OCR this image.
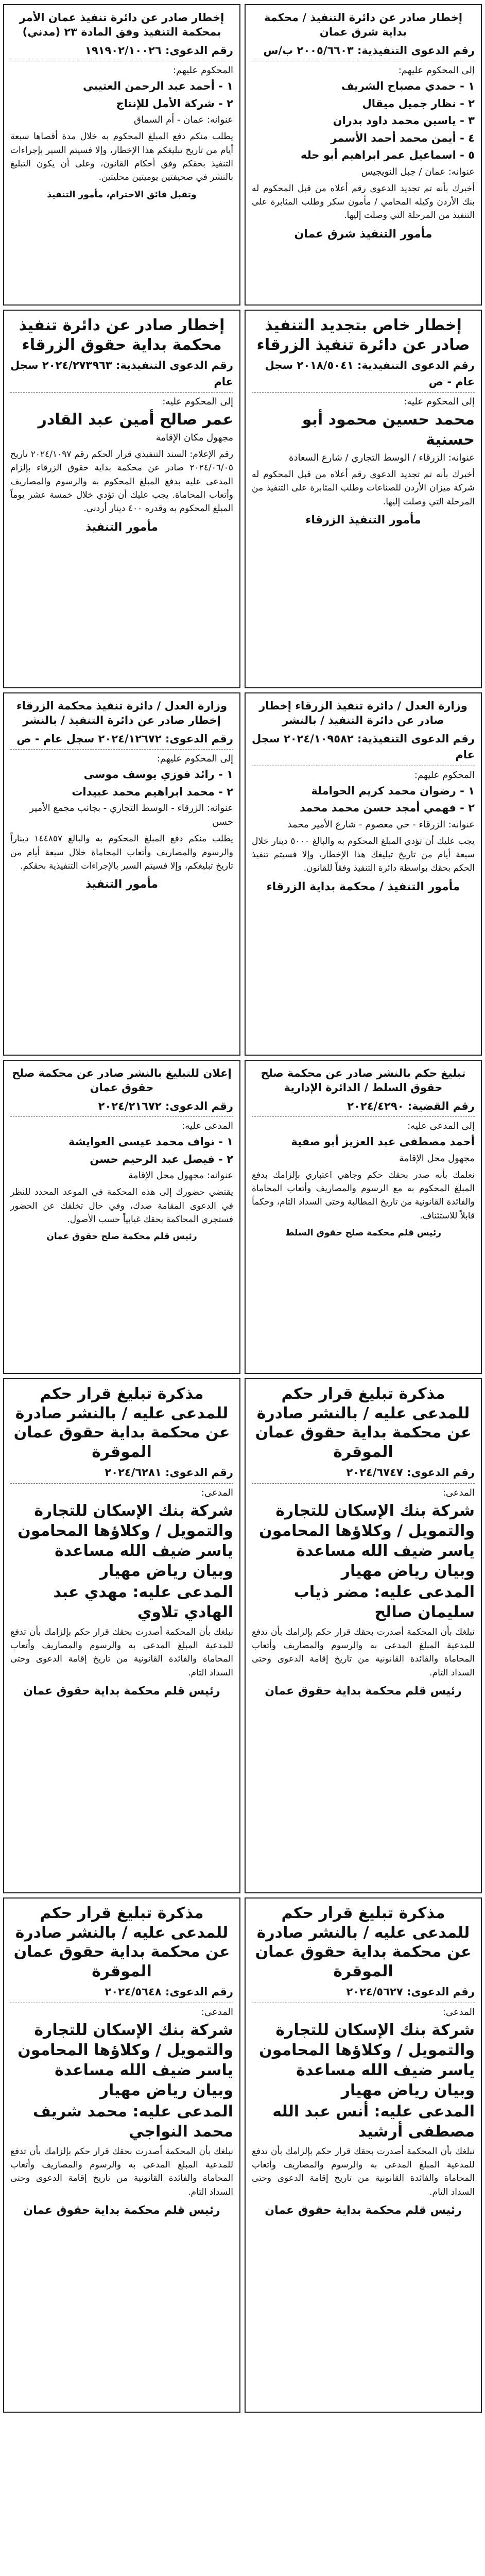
إخطار صادر عن دائرة التنفيذ / محكمة بداية شرق عمان
رقم الدعوى التنفيذية: ٢٠٠٥/٦٦٠٣ ب/س
إلى المحكوم عليهم:
١ - حمدي مصباح الشريف
٢ - نظار جميل ميقال
٣ - ياسين محمد داود بدران
٤ - أيمن محمد أحمد الأسمر
٥ - اسماعيل عمر ابراهيم أبو حله
عنوانه: عمان / جبل النويجيس
أخبرك بأنه تم تجديد الدعوى رقم أعلاه من قبل المحكوم له بنك الأردن وكيله المحامي / مأمون سكر وطلب المثابرة على التنفيذ من المرحلة التي وصلت إليها.
مأمور التنفيذ شرق عمان
إخطار صادر عن دائرة تنفيذ عمان الأمر بمحكمة التنفيذ وفق المادة ٢٣ (مدني)
رقم الدعوى: ١٩١٩٠٢/١٠٠٢٦
المحكوم عليهم:
١ - أحمد عبد الرحمن العتيبي
٢ - شركة الأمل للإنتاج
عنوانه: عمان - أم السماق
يطلب منكم دفع المبلغ المحكوم به خلال مدة أقصاها سبعة أيام من تاريخ تبليغكم هذا الإخطار، وإلا فسيتم السير بإجراءات التنفيذ بحقكم وفق أحكام القانون، وعلى أن يكون التبليغ بالنشر في صحيفتين يوميتين محليتين.
وتقبل فائق الاحترام، مأمور التنفيذ
إخطار خاص بتجديد التنفيذ صادر عن دائرة تنفيذ الزرقاء
رقم الدعوى التنفيذية: ٢٠١٨/٥٠٤١ سجل عام - ص
إلى المحكوم عليه:
محمد حسين محمود أبو حسنية
عنوانه: الزرقاء / الوسط التجاري / شارع السعادة
أخبرك بأنه تم تجديد الدعوى رقم أعلاه من قبل المحكوم له شركة ميزان الأردن للصناعات وطلب المثابرة على التنفيذ من المرحلة التي وصلت إليها.
مأمور التنفيذ الزرقاء
إخطار صادر عن دائرة تنفيذ محكمة بداية حقوق الزرقاء
رقم الدعوى التنفيذية: ٢٠٢٤/٢٧٣٩٦٣ سجل عام
إلى المحكوم عليه:
عمر صالح أمين عبد القادر
مجهول مكان الإقامة
رقم الإعلام: السند التنفيذي قرار الحكم رقم ٢٠٢٤/١٠٩٧ تاريخ ٢٠٢٤/٠٦/٠٥ صادر عن محكمة بداية حقوق الزرقاء بإلزام المدعى عليه بدفع المبلغ المحكوم به والرسوم والمصاريف وأتعاب المحاماة. يجب عليك أن تؤدي خلال خمسة عشر يوماً المبلغ المحكوم به وقدره ٤٠٠ دينار أردني.
مأمور التنفيذ
وزارة العدل / دائرة تنفيذ الزرقاء إخطار صادر عن دائرة التنفيذ / بالنشر
رقم الدعوى التنفيذية: ٢٠٢٤/١٠٩٥٨٢ سجل عام
المحكوم عليهم:
١ - رضوان محمد كريم الحواملة
٢ - فهمي أمجد حسن محمد محمد
عنوانه: الزرقاء - حي معصوم - شارع الأمير محمد
يجب عليك أن تؤدي المبلغ المحكوم به والبالغ ٥٠٠٠ دينار خلال سبعة أيام من تاريخ تبليغك هذا الإخطار، وإلا فسيتم تنفيذ الحكم بحقك بواسطة دائرة التنفيذ وفقاً للقانون.
مأمور التنفيذ / محكمة بداية الزرقاء
وزارة العدل / دائرة تنفيذ محكمة الزرقاء إخطار صادر عن دائرة التنفيذ / بالنشر
رقم الدعوى: ٢٠٢٤/١٢٦٧٢ سجل عام - ص
إلى المحكوم عليهم:
١ - رائد فوزي يوسف موسى
٢ - محمد ابراهيم محمد عبيدات
عنوانه: الزرقاء - الوسط التجاري - بجانب مجمع الأمير حسن
يطلب منكم دفع المبلغ المحكوم به والبالغ ١٤٤٨٥٧ ديناراً والرسوم والمصاريف وأتعاب المحاماة خلال سبعة أيام من تاريخ تبليغكم، وإلا فسيتم السير بالإجراءات التنفيذية بحقكم.
مأمور التنفيذ
تبليغ حكم بالنشر صادر عن محكمة صلح حقوق السلط / الدائرة الإدارية
رقم القضية: ٢٠٢٤/٤٢٩٠
إلى المدعى عليه:
أحمد مصطفى عبد العزيز أبو صفية
مجهول محل الإقامة
نعلمك بأنه صدر بحقك حكم وجاهي اعتباري بإلزامك بدفع المبلغ المحكوم به مع الرسوم والمصاريف وأتعاب المحاماة والفائدة القانونية من تاريخ المطالبة وحتى السداد التام، وحكماً قابلاً للاستئناف.
رئيس قلم محكمة صلح حقوق السلط
إعلان للتبليغ بالنشر صادر عن محكمة صلح حقوق عمان
رقم الدعوى: ٢٠٢٤/٢١٦٧٢
المدعى عليه:
١ - نواف محمد عيسى العوايشة
٢ - فيصل عبد الرحيم حسن
عنوانه: مجهول محل الإقامة
يقتضي حضورك إلى هذه المحكمة في الموعد المحدد للنظر في الدعوى المقامة ضدك، وفي حال تخلفك عن الحضور فستجري المحاكمة بحقك غيابياً حسب الأصول.
رئيس قلم محكمة صلح حقوق عمان
مذكرة تبليغ قرار حكم للمدعى عليه / بالنشر صادرة عن محكمة بداية حقوق عمان الموقرة
رقم الدعوى: ٢٠٢٤/٦٧٤٧
المدعى:
شركة بنك الإسكان للتجارة والتمويل / وكلاؤها المحامون ياسر ضيف الله مساعدة وبيان رياض مهيار
المدعى عليه: مضر ذياب سليمان صالح
نبلغك بأن المحكمة أصدرت بحقك قرار حكم بإلزامك بأن تدفع للمدعية المبلغ المدعى به والرسوم والمصاريف وأتعاب المحاماة والفائدة القانونية من تاريخ إقامة الدعوى وحتى السداد التام.
رئيس قلم محكمة بداية حقوق عمان
مذكرة تبليغ قرار حكم للمدعى عليه / بالنشر صادرة عن محكمة بداية حقوق عمان الموقرة
رقم الدعوى: ٢٠٢٤/٦٢٨١
المدعى:
شركة بنك الإسكان للتجارة والتمويل / وكلاؤها المحامون ياسر ضيف الله مساعدة وبيان رياض مهيار
المدعى عليه: مهدي عبد الهادي تلاوي
نبلغك بأن المحكمة أصدرت بحقك قرار حكم بإلزامك بأن تدفع للمدعية المبلغ المدعى به والرسوم والمصاريف وأتعاب المحاماة والفائدة القانونية من تاريخ إقامة الدعوى وحتى السداد التام.
رئيس قلم محكمة بداية حقوق عمان
مذكرة تبليغ قرار حكم للمدعى عليه / بالنشر صادرة عن محكمة بداية حقوق عمان الموقرة
رقم الدعوى: ٢٠٢٤/٥٦٢٧
المدعى:
شركة بنك الإسكان للتجارة والتمويل / وكلاؤها المحامون ياسر ضيف الله مساعدة وبيان رياض مهيار
المدعى عليه: أنس عبد الله مصطفى أرشيد
نبلغك بأن المحكمة أصدرت بحقك قرار حكم بإلزامك بأن تدفع للمدعية المبلغ المدعى به والرسوم والمصاريف وأتعاب المحاماة والفائدة القانونية من تاريخ إقامة الدعوى وحتى السداد التام.
رئيس قلم محكمة بداية حقوق عمان
مذكرة تبليغ قرار حكم للمدعى عليه / بالنشر صادرة عن محكمة بداية حقوق عمان الموقرة
رقم الدعوى: ٢٠٢٤/٥٦٤٨
المدعى:
شركة بنك الإسكان للتجارة والتمويل / وكلاؤها المحامون ياسر ضيف الله مساعدة وبيان رياض مهيار
المدعى عليه: محمد شريف محمد النواجي
نبلغك بأن المحكمة أصدرت بحقك قرار حكم بإلزامك بأن تدفع للمدعية المبلغ المدعى به والرسوم والمصاريف وأتعاب المحاماة والفائدة القانونية من تاريخ إقامة الدعوى وحتى السداد التام.
رئيس قلم محكمة بداية حقوق عمان
